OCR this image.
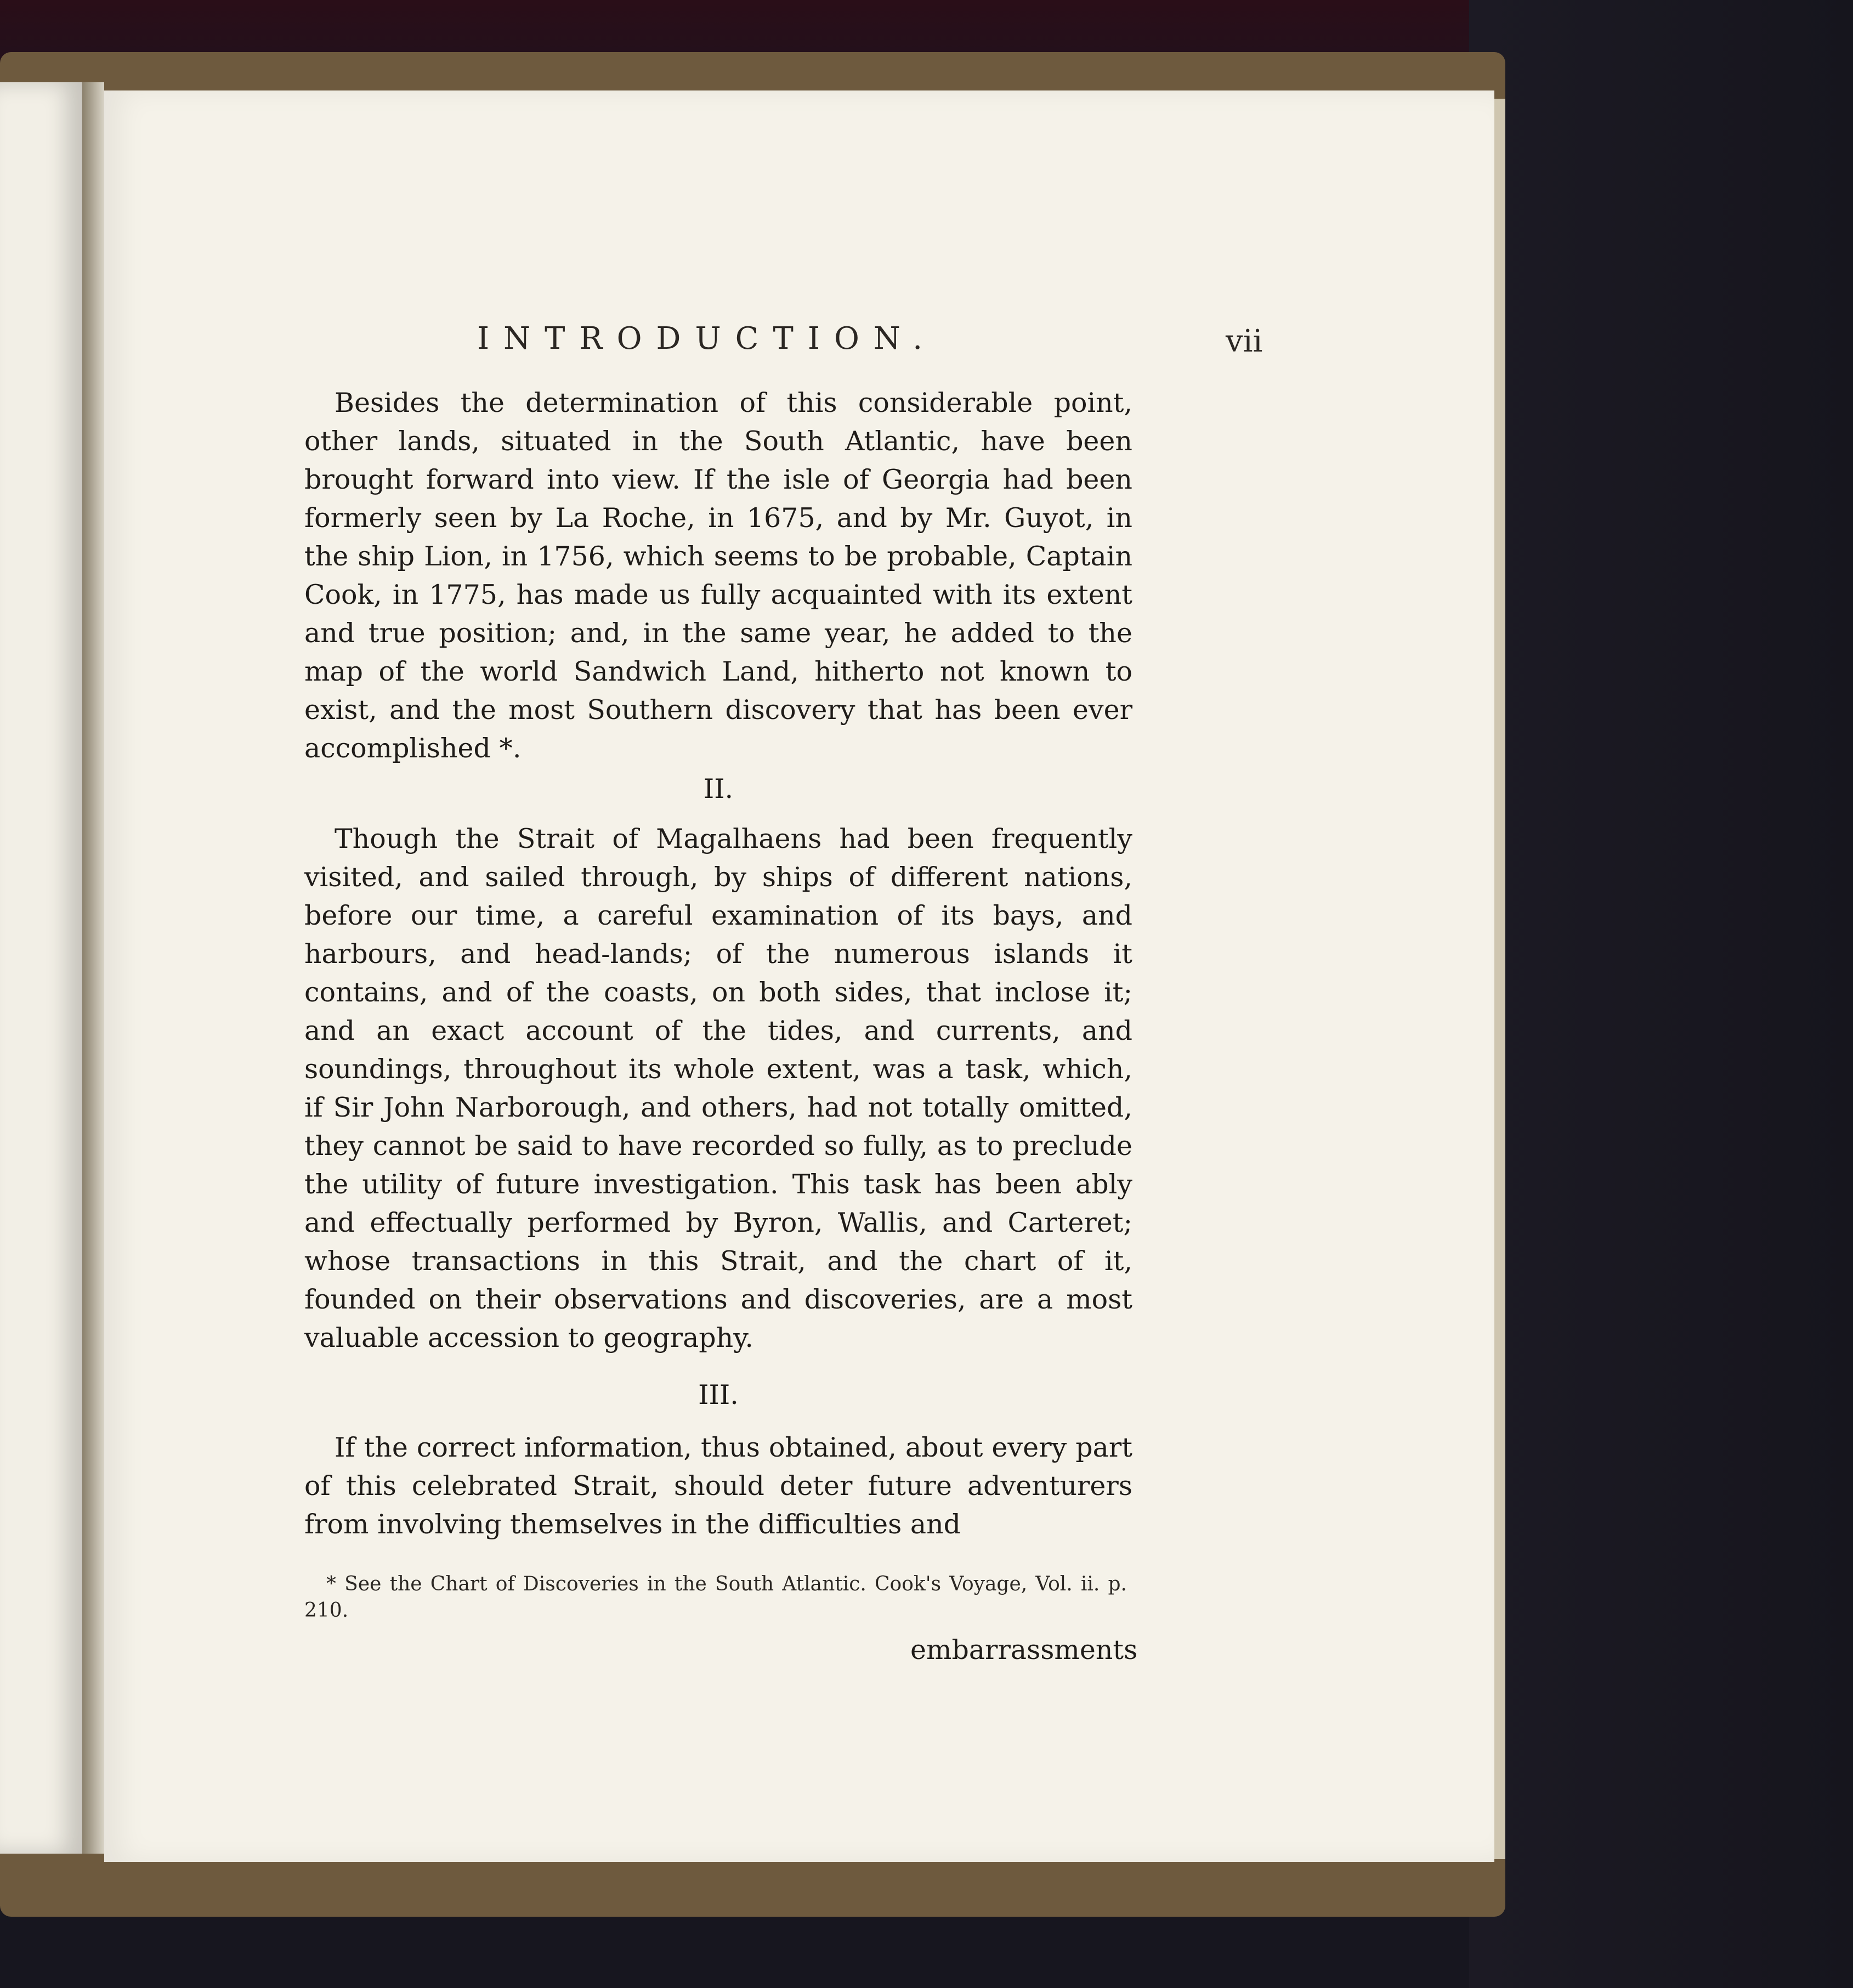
INTRODUCTION.	vii

Besides the determination of this considerable point, other lands, situated in the South Atlantic, have been brought forward into view. If the isle of Georgia had been formerly seen by La Roche, in 1675, and by Mr. Guyot, in the ship Lion, in 1756, which seems to be probable, Captain Cook, in 1775, has made us fully acquainted with its extent and true position; and, in the same year, he added to the map of the world Sandwich Land, hitherto not known to exist, and the most Southern discovery that has been ever accomplished *.

II.

Though the Strait of Magalhaens had been frequently visited, and sailed through, by ships of different nations, before our time, a careful examination of its bays, and harbours, and head-lands; of the numerous islands it contains, and of the coasts, on both sides, that inclose it; and an exact account of the tides, and currents, and soundings, throughout its whole extent, was a task, which, if Sir John Narborough, and others, had not totally omitted, they cannot be said to have recorded so fully, as to preclude the utility of future investigation. This task has been ably and effectually performed by Byron, Wallis, and Carteret; whose transactions in this Strait, and the chart of it, founded on their observations and discoveries, are a most valuable accession to geography.

III.

If the correct information, thus obtained, about every part of this celebrated Strait, should deter future adventurers from involving themselves in the difficulties and

* See the Chart of Discoveries in the South Atlantic. Cook's Voyage, Vol. ii. p. 210.

embarrassments
